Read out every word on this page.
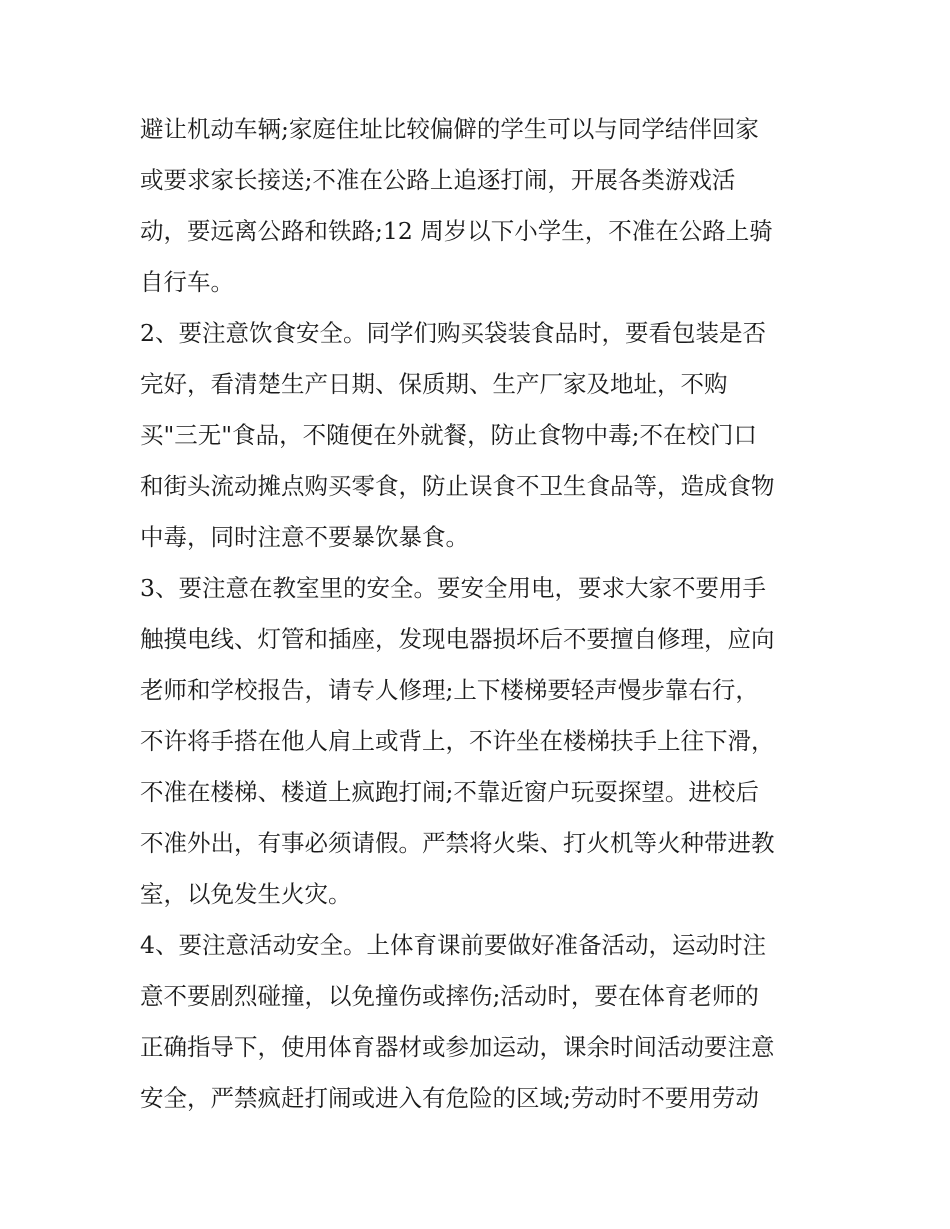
避让机动车辆;家庭住址比较偏僻的学生可以与同学结伴回家
或要求家长接送;不准在公路上追逐打闹，开展各类游戏活
动，要远离公路和铁路;12 周岁以下小学生，不准在公路上骑
自行车。
2、要注意饮食安全。同学们购买袋装食品时，要看包装是否
完好，看清楚生产日期、保质期、生产厂家及地址，不购
买"三无"食品，不随便在外就餐，防止食物中毒;不在校门口
和街头流动摊点购买零食，防止误食不卫生食品等，造成食物
中毒，同时注意不要暴饮暴食。
3、要注意在教室里的安全。要安全用电，要求大家不要用手
触摸电线、灯管和插座，发现电器损坏后不要擅自修理，应向
老师和学校报告，请专人修理;上下楼梯要轻声慢步靠右行，
不许将手搭在他人肩上或背上，不许坐在楼梯扶手上往下滑，
不准在楼梯、楼道上疯跑打闹;不靠近窗户玩耍探望。进校后
不准外出，有事必须请假。严禁将火柴、打火机等火种带进教
室，以免发生火灾。
4、要注意活动安全。上体育课前要做好准备活动，运动时注
意不要剧烈碰撞，以免撞伤或摔伤;活动时，要在体育老师的
正确指导下，使用体育器材或参加运动，课余时间活动要注意
安全，严禁疯赶打闹或进入有危险的区域;劳动时不要用劳动
